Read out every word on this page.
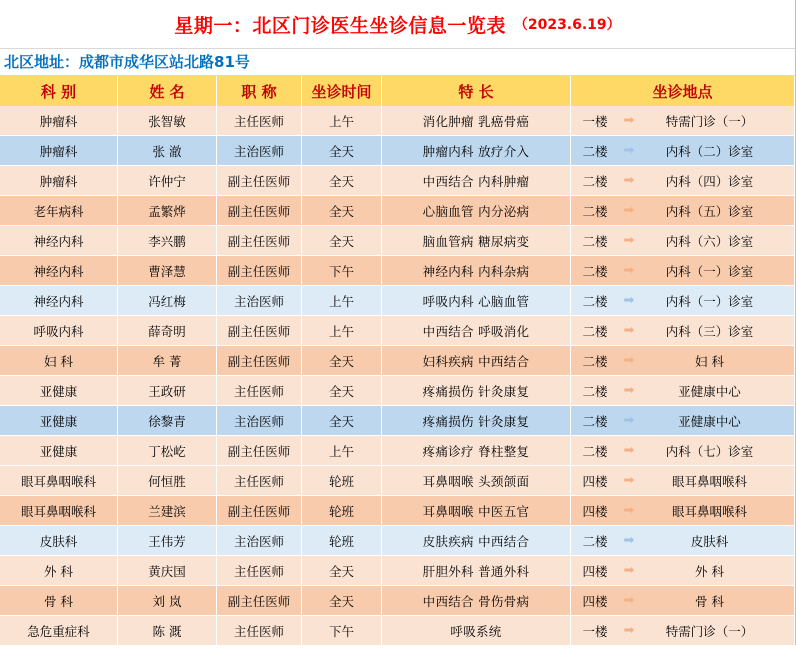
星期一：北区门诊医生坐诊信息一览表 （2023.6.19）
北区地址：成都市成华区站北路81号
科 别	姓 名	职 称	坐诊时间	特 长	坐诊地点
肿瘤科	张智敏	主任医师	上午	消化肿瘤 乳癌骨癌	一楼	➡	特需门诊（一）
肿瘤科	张 澈	主治医师	全天	肿瘤内科 放疗介入	二楼	➡	内科（二）诊室
肿瘤科	许仲宁	副主任医师	全天	中西结合 内科肿瘤	二楼	➡	内科（四）诊室
老年病科	孟繁烨	副主任医师	全天	心脑血管 内分泌病	二楼	➡	内科（五）诊室
神经内科	李兴鹏	副主任医师	全天	脑血管病 糖尿病变	二楼	➡	内科（六）诊室
神经内科	曹泽慧	副主任医师	下午	神经内科 内科杂病	二楼	➡	内科（一）诊室
神经内科	冯红梅	主治医师	上午	呼吸内科 心脑血管	二楼	➡	内科（一）诊室
呼吸内科	薛奇明	副主任医师	上午	中西结合 呼吸消化	二楼	➡	内科（三）诊室
妇 科	牟 菁	副主任医师	全天	妇科疾病 中西结合	二楼	➡	妇 科
亚健康	王政研	主任医师	全天	疼痛损伤 针灸康复	二楼	➡	亚健康中心
亚健康	徐黎青	主治医师	全天	疼痛损伤 针灸康复	二楼	➡	亚健康中心
亚健康	丁松屹	副主任医师	上午	疼痛诊疗 脊柱整复	二楼	➡	内科（七）诊室
眼耳鼻咽喉科	何恒胜	主任医师	轮班	耳鼻咽喉 头颈颌面	四楼	➡	眼耳鼻咽喉科
眼耳鼻咽喉科	兰建滨	副主任医师	轮班	耳鼻咽喉 中医五官	四楼	➡	眼耳鼻咽喉科
皮肤科	王伟芳	主治医师	轮班	皮肤疾病 中西结合	二楼	➡	皮肤科
外 科	黄庆国	主任医师	全天	肝胆外科 普通外科	四楼	➡	外 科
骨 科	刘 岚	副主任医师	全天	中西结合 骨伤骨病	四楼	➡	骨 科
急危重症科	陈 溉	主任医师	下午	呼吸系统	一楼	➡	特需门诊（一）
